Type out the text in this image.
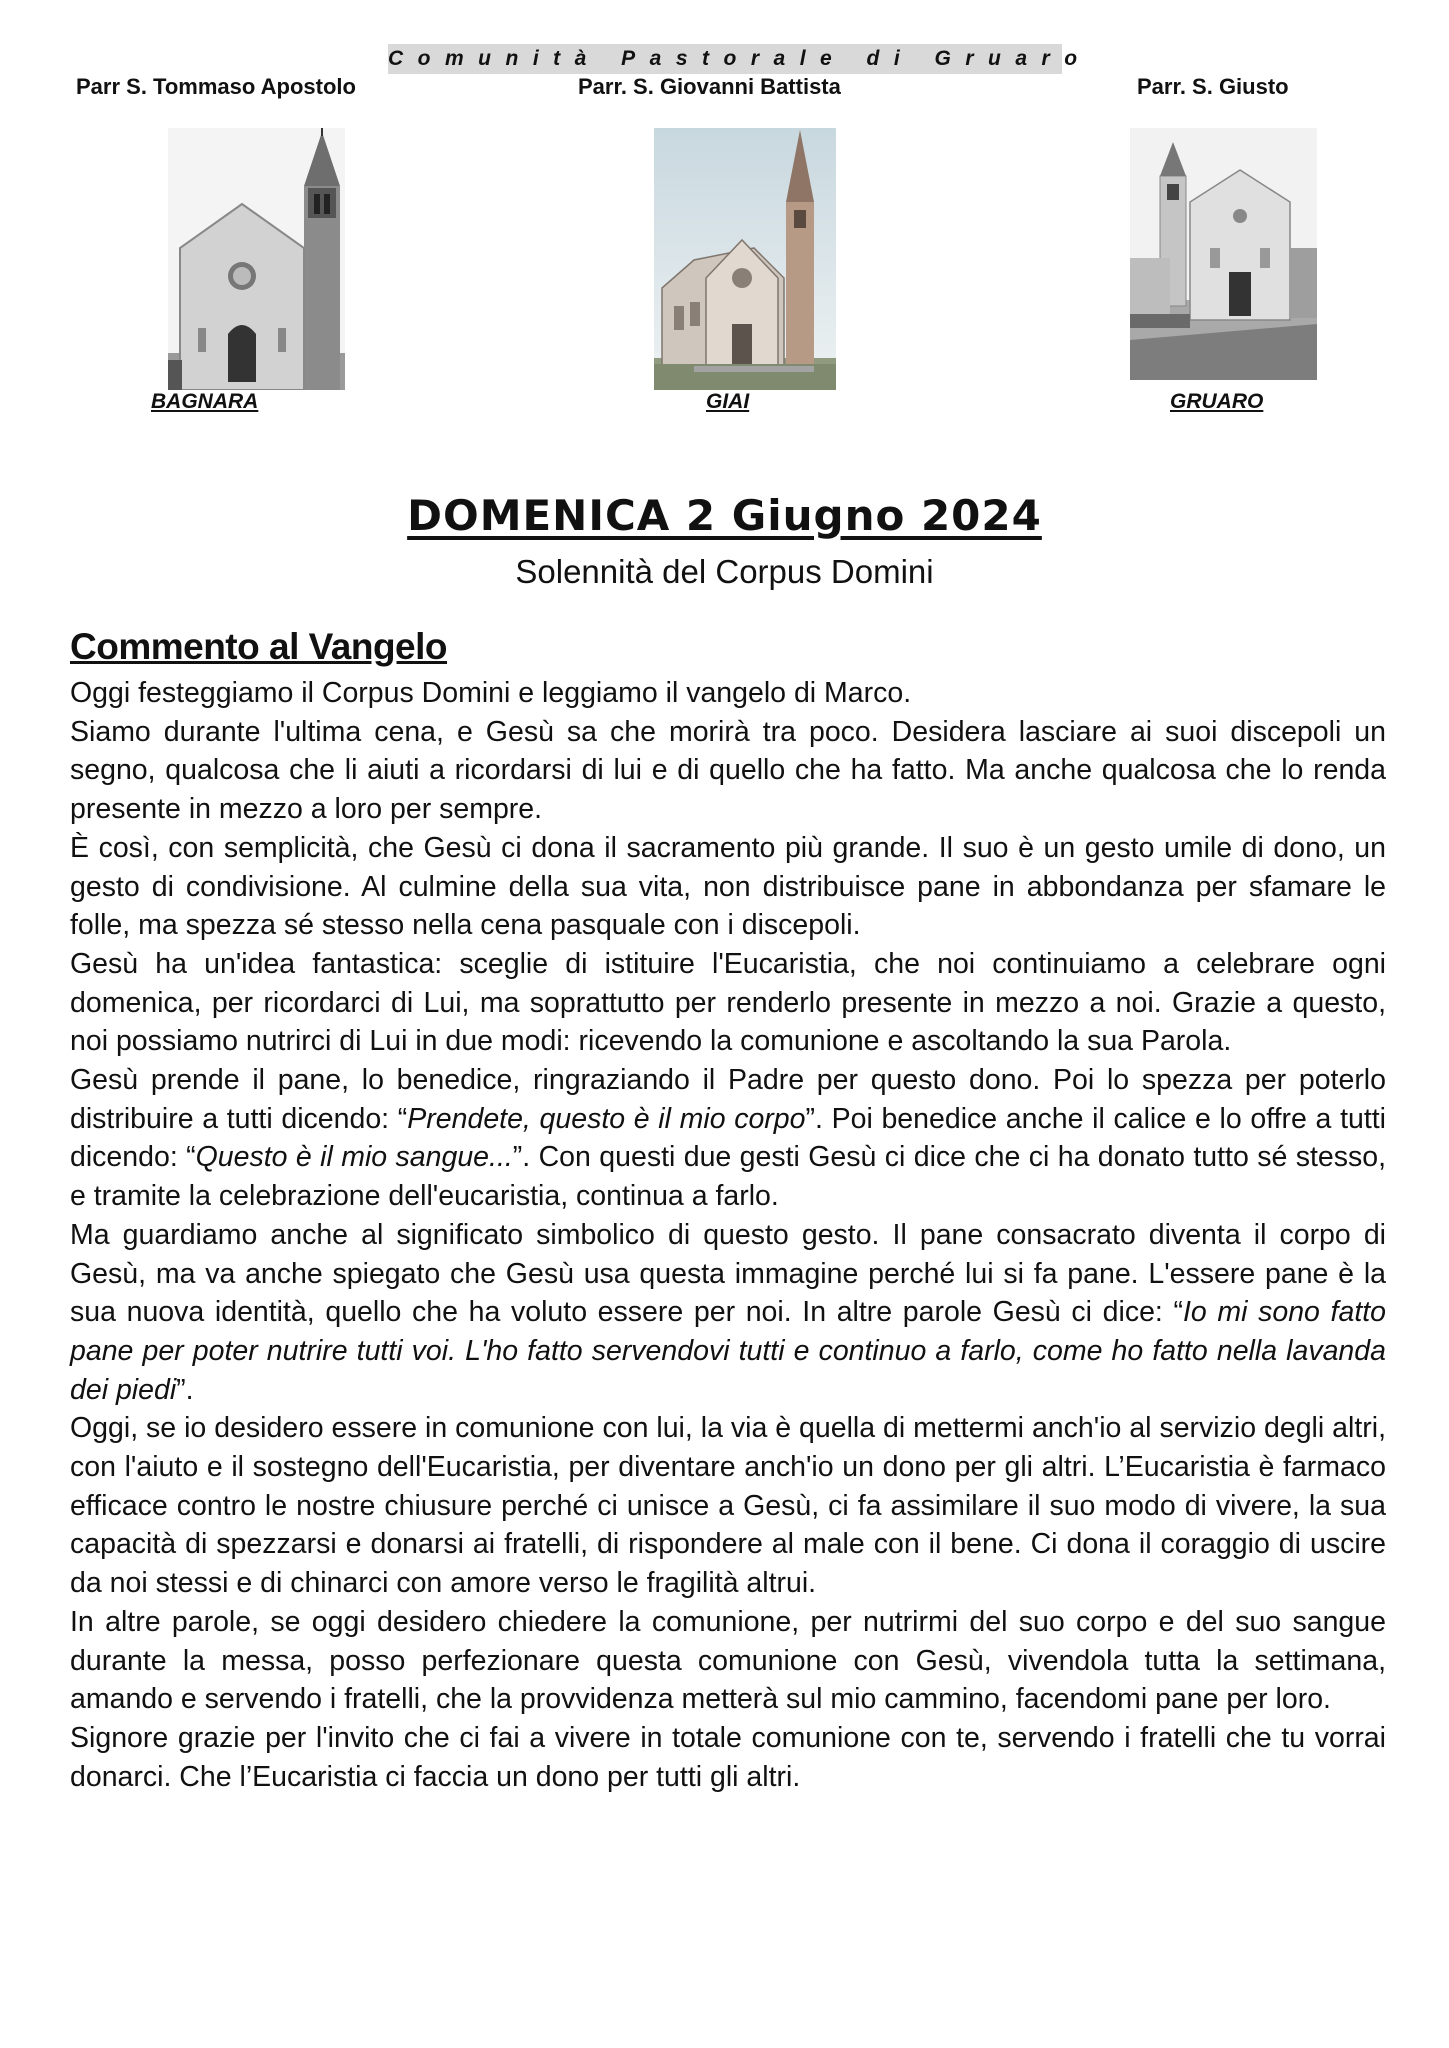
Comunità Pastorale di Gruaro
Parr S. Tommaso Apostolo	Parr. S. Giovanni Battista	Parr. S. Giusto
BAGNARA	GIAI	GRUARO
DOMENICA 2 Giugno 2024
Solennità del Corpus Domini
Commento al Vangelo

Oggi festeggiamo il Corpus Domini e leggiamo il vangelo di Marco.

Siamo durante l'ultima cena, e Gesù sa che morirà tra poco. Desidera lasciare ai suoi discepoli un segno, qualcosa che li aiuti a ricordarsi di lui e di quello che ha fatto. Ma anche qualcosa che lo renda presente in mezzo a loro per sempre.

È così, con semplicità, che Gesù ci dona il sacramento più grande. Il suo è un gesto umile di dono, un gesto di condivisione. Al culmine della sua vita, non distribuisce pane in abbondanza per sfamare le folle, ma spezza sé stesso nella cena pasquale con i discepoli.

Gesù ha un'idea fantastica: sceglie di istituire l'Eucaristia, che noi continuiamo a celebrare ogni domenica, per ricordarci di Lui, ma soprattutto per renderlo presente in mezzo a noi. Grazie a questo, noi possiamo nutrirci di Lui in due modi: ricevendo la comunione e ascoltando la sua Parola.

Gesù prende il pane, lo benedice, ringraziando il Padre per questo dono. Poi lo spezza per poterlo distribuire a tutti dicendo: “Prendete, questo è il mio corpo”. Poi benedice anche il calice e lo offre a tutti dicendo: “Questo è il mio sangue...”. Con questi due gesti Gesù ci dice che ci ha donato tutto sé stesso, e tramite la celebrazione dell'eucaristia, continua a farlo.

Ma guardiamo anche al significato simbolico di questo gesto. Il pane consacrato diventa il corpo di Gesù, ma va anche spiegato che Gesù usa questa immagine perché lui si fa pane. L'essere pane è la sua nuova identità, quello che ha voluto essere per noi. In altre parole Gesù ci dice: “Io mi sono fatto pane per poter nutrire tutti voi. L'ho fatto servendovi tutti e continuo a farlo, come ho fatto nella lavanda dei piedi”.

Oggi, se io desidero essere in comunione con lui, la via è quella di mettermi anch'io al servizio degli altri, con l'aiuto e il sostegno dell'Eucaristia, per diventare anch'io un dono per gli altri. L’Eucaristia è farmaco efficace contro le nostre chiusure perché ci unisce a Gesù, ci fa assimilare il suo modo di vivere, la sua capacità di spezzarsi e donarsi ai fratelli, di rispondere al male con il bene. Ci dona il coraggio di uscire da noi stessi e di chinarci con amore verso le fragilità altrui.

In altre parole, se oggi desidero chiedere la comunione, per nutrirmi del suo corpo e del suo sangue durante la messa, posso perfezionare questa comunione con Gesù, vivendola tutta la settimana, amando e servendo i fratelli, che la provvidenza metterà sul mio cammino, facendomi pane per loro.

Signore grazie per l'invito che ci fai a vivere in totale comunione con te, servendo i fratelli che tu vorrai donarci. Che l’Eucaristia ci faccia un dono per tutti gli altri.
